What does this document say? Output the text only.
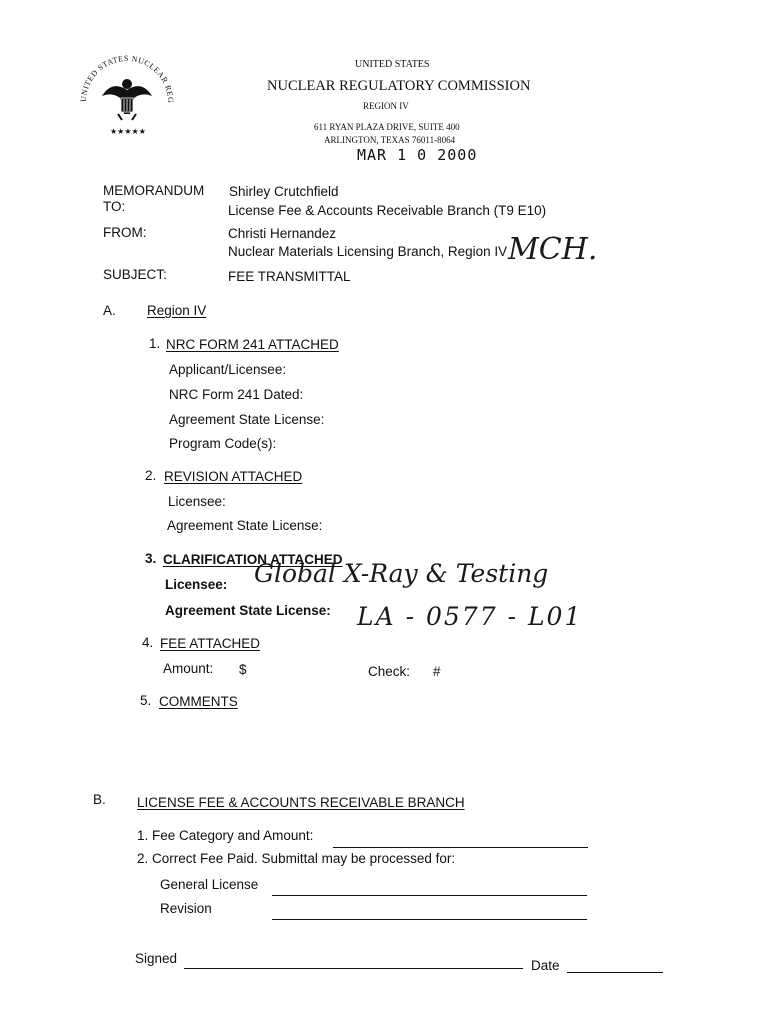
UNITED STATES NUCLEAR REG
★★★★★
UNITED STATES
NUCLEAR REGULATORY COMMISSION
REGION IV
611 RYAN PLAZA DRIVE, SUITE 400
ARLINGTON, TEXAS 76011-8064
MAR 1 0 2000
MEMORANDUM
TO:
Shirley Crutchfield
License Fee & Accounts Receivable Branch (T9 E10)
FROM:	Christi Hernandez
Nuclear Materials Licensing Branch, Region IV MCH.
SUBJECT:	FEE TRANSMITTAL
A. Region IV
1. NRC FORM 241 ATTACHED
Applicant/Licensee:
NRC Form 241 Dated:
Agreement State License:
Program Code(s):
2. REVISION ATTACHED
Licensee:
Agreement State License:
3. CLARIFICATION ATTACHED
Licensee: Global X-Ray & Testing
Agreement State License: LA - 0577 - L01
4. FEE ATTACHED
Amount: $	Check: #
5. COMMENTS
B. LICENSE FEE & ACCOUNTS RECEIVABLE BRANCH
1. Fee Category and Amount:
2. Correct Fee Paid. Submittal may be processed for:
General License
Revision
Signed	Date
